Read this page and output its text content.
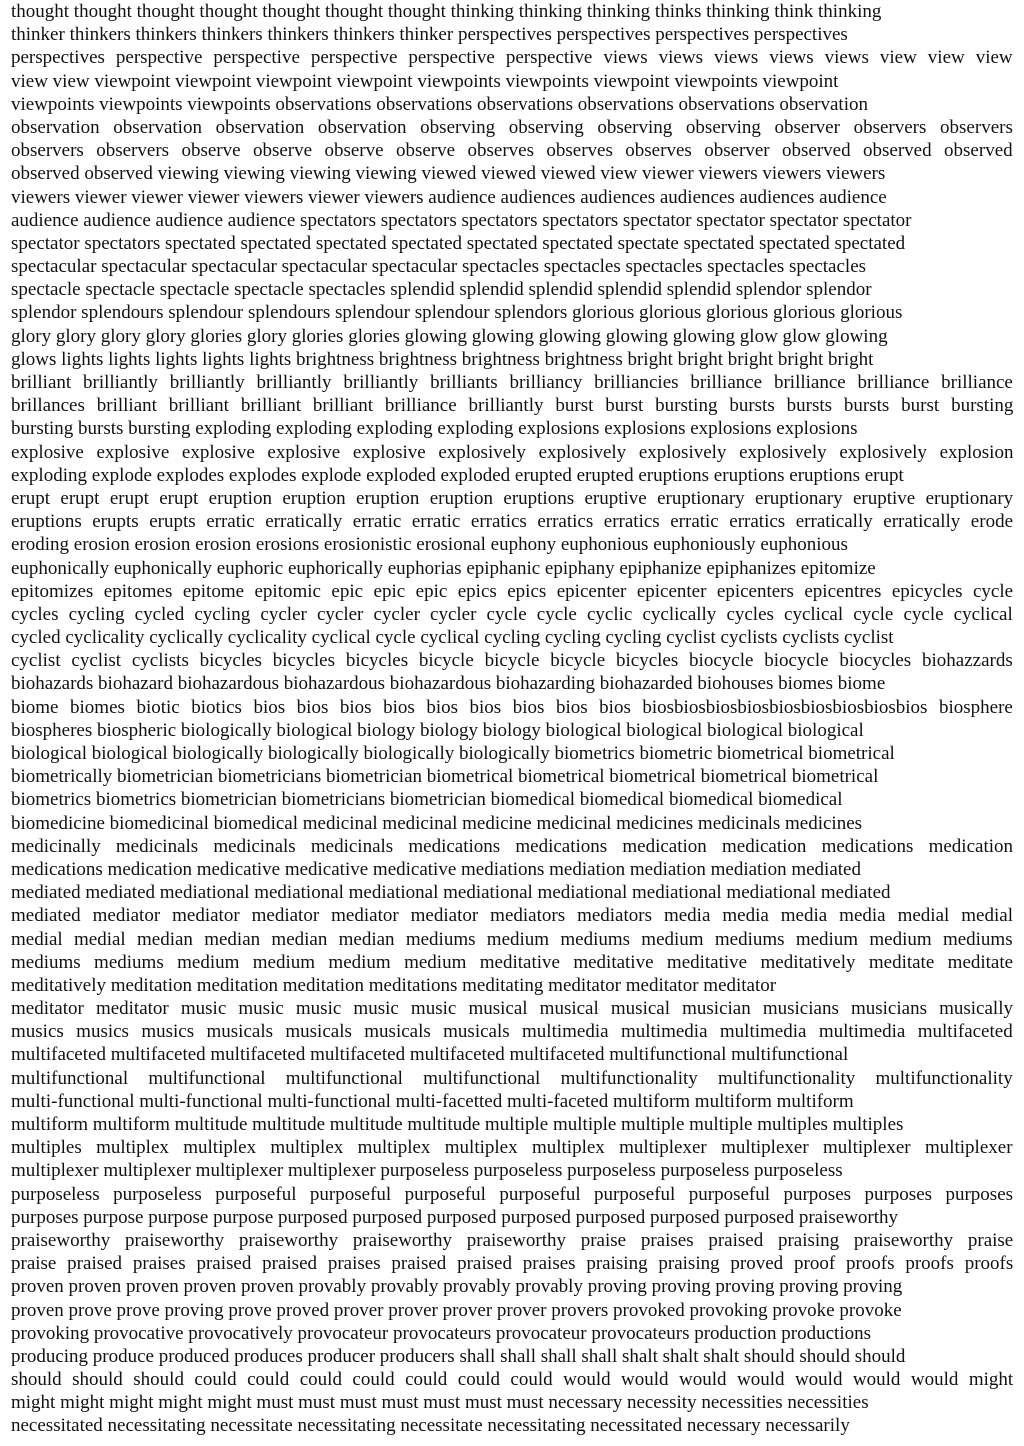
thought thought thought thought thought thought thought thinking thinking thinking thinks thinking think thinking

thinker thinkers thinkers thinkers thinkers thinkers thinker perspectives perspectives perspectives perspectives

perspectives perspective perspective perspective perspective perspective views views views views views view view view

view view viewpoint viewpoint viewpoint viewpoint viewpoints viewpoints viewpoint viewpoints viewpoint

viewpoints viewpoints viewpoints observations observations observations observations observations observation

observation observation observation observation observing observing observing observing observer observers observers

observers observers observe observe observe observe observes observes observes observer observed observed observed

observed observed viewing viewing viewing viewing viewed viewed viewed view viewer viewers viewers viewers

viewers viewer viewer viewer viewers viewer viewers audience audiences audiences audiences audiences audience

audience audience audience audience spectators spectators spectators spectators spectator spectator spectator spectator

spectator spectators spectated spectated spectated spectated spectated spectated spectate spectated spectated spectated

spectacular spectacular spectacular spectacular spectacular spectacles spectacles spectacles spectacles spectacles

spectacle spectacle spectacle spectacle spectacles splendid splendid splendid splendid splendid splendor splendor

splendor splendours splendour splendours splendour splendour splendors glorious glorious glorious glorious glorious

glory glory glory glory glories glory glories glories glowing glowing glowing glowing glowing glow glow glowing

glows lights lights lights lights lights brightness brightness brightness brightness bright bright bright bright bright

brilliant brilliantly brilliantly brilliantly brilliantly brilliants brilliancy brilliancies brilliance brilliance brilliance brilliance

brillances brilliant brilliant brilliant brilliant brilliance brilliantly burst burst bursting bursts bursts bursts burst bursting

bursting bursts bursting exploding exploding exploding exploding explosions explosions explosions explosions

explosive explosive explosive explosive explosive explosively explosively explosively explosively explosively explosion

exploding explode explodes explodes explode exploded exploded erupted erupted eruptions eruptions eruptions erupt

erupt erupt erupt erupt eruption eruption eruption eruption eruptions eruptive eruptionary eruptionary eruptive eruptionary

eruptions erupts erupts erratic erratically erratic erratic erratics erratics erratics erratic erratics erratically erratically erode

eroding erosion erosion erosion erosions erosionistic erosional euphony euphonious euphoniously euphonious

euphonically euphonically euphoric euphorically euphorias epiphanic epiphany epiphanize epiphanizes epitomize

epitomizes epitomes epitome epitomic epic epic epic epics epics epicenter epicenter epicenters epicentres epicycles cycle

cycles cycling cycled cycling cycler cycler cycler cycler cycle cycle cyclic cyclically cycles cyclical cycle cycle cyclical

cycled cyclicality cyclically cyclicality cyclical cycle cyclical cycling cycling cycling cyclist cyclists cyclists cyclist

cyclist cyclist cyclists bicycles bicycles bicycles bicycle bicycle bicycle bicycles biocycle biocycle biocycles biohazzards

biohazards biohazard biohazardous biohazardous biohazardous biohazarding biohazarded biohouses biomes biome

biome biomes biotic biotics bios bios bios bios bios bios bios bios bios biosbiosbiosbiosbiosbiosbiosbiosbios biosphere

biospheres biospheric biologically biological biology biology biology biological biological biological biological

biological biological biologically biologically biologically biologically biometrics biometric biometrical biometrical

biometrically biometrician biometricians biometrician biometrical biometrical biometrical biometrical biometrical

biometrics biometrics biometrician biometricians biometrician biomedical biomedical biomedical biomedical

biomedicine biomedicinal biomedical medicinal medicinal medicine medicinal medicines medicinals medicines

medicinally medicinals medicinals medicinals medications medications medication medication medications medication

medications medication medicative medicative medicative mediations mediation mediation mediation mediated

mediated mediated mediational mediational mediational mediational mediational mediational mediational mediated

mediated mediator mediator mediator mediator mediator mediators mediators media media media media medial medial

medial medial median median median median mediums medium mediums medium mediums medium medium mediums

mediums mediums medium medium medium medium meditative meditative meditative meditatively meditate meditate

meditatively meditation meditation meditation meditations meditating meditator meditator meditator

meditator meditator music music music music music musical musical musical musician musicians musicians musically

musics musics musics musicals musicals musicals musicals multimedia multimedia multimedia multimedia multifaceted

multifaceted multifaceted multifaceted multifaceted multifaceted multifaceted multifunctional multifunctional

multifunctional multifunctional multifunctional multifunctional multifunctionality multifunctionality multifunctionality

multi-functional multi-functional multi-functional multi-facetted multi-faceted multiform multiform multiform

multiform multiform multitude multitude multitude multitude multiple multiple multiple multiple multiples multiples

multiples multiplex multiplex multiplex multiplex multiplex multiplex multiplexer multiplexer multiplexer multiplexer

multiplexer multiplexer multiplexer multiplexer purposeless purposeless purposeless purposeless purposeless

purposeless purposeless purposeful purposeful purposeful purposeful purposeful purposeful purposes purposes purposes

purposes purpose purpose purpose purposed purposed purposed purposed purposed purposed purposed praiseworthy

praiseworthy praiseworthy praiseworthy praiseworthy praiseworthy praise praises praised praising praiseworthy praise

praise praised praises praised praised praises praised praised praises praising praising proved proof proofs proofs proofs

proven proven proven proven proven provably provably provably provably proving proving proving proving proving

proven prove prove proving prove proved prover prover prover prover provers provoked provoking provoke provoke

provoking provocative provocatively provocateur provocateurs provocateur provocateurs production productions

producing produce produced produces producer producers shall shall shall shall shalt shalt shalt should should should

should should should could could could could could could could would would would would would would would might

might might might might might must must must must must must must necessary necessity necessities necessities

necessitated necessitating necessitate necessitating necessitate necessitating necessitated necessary necessarily
